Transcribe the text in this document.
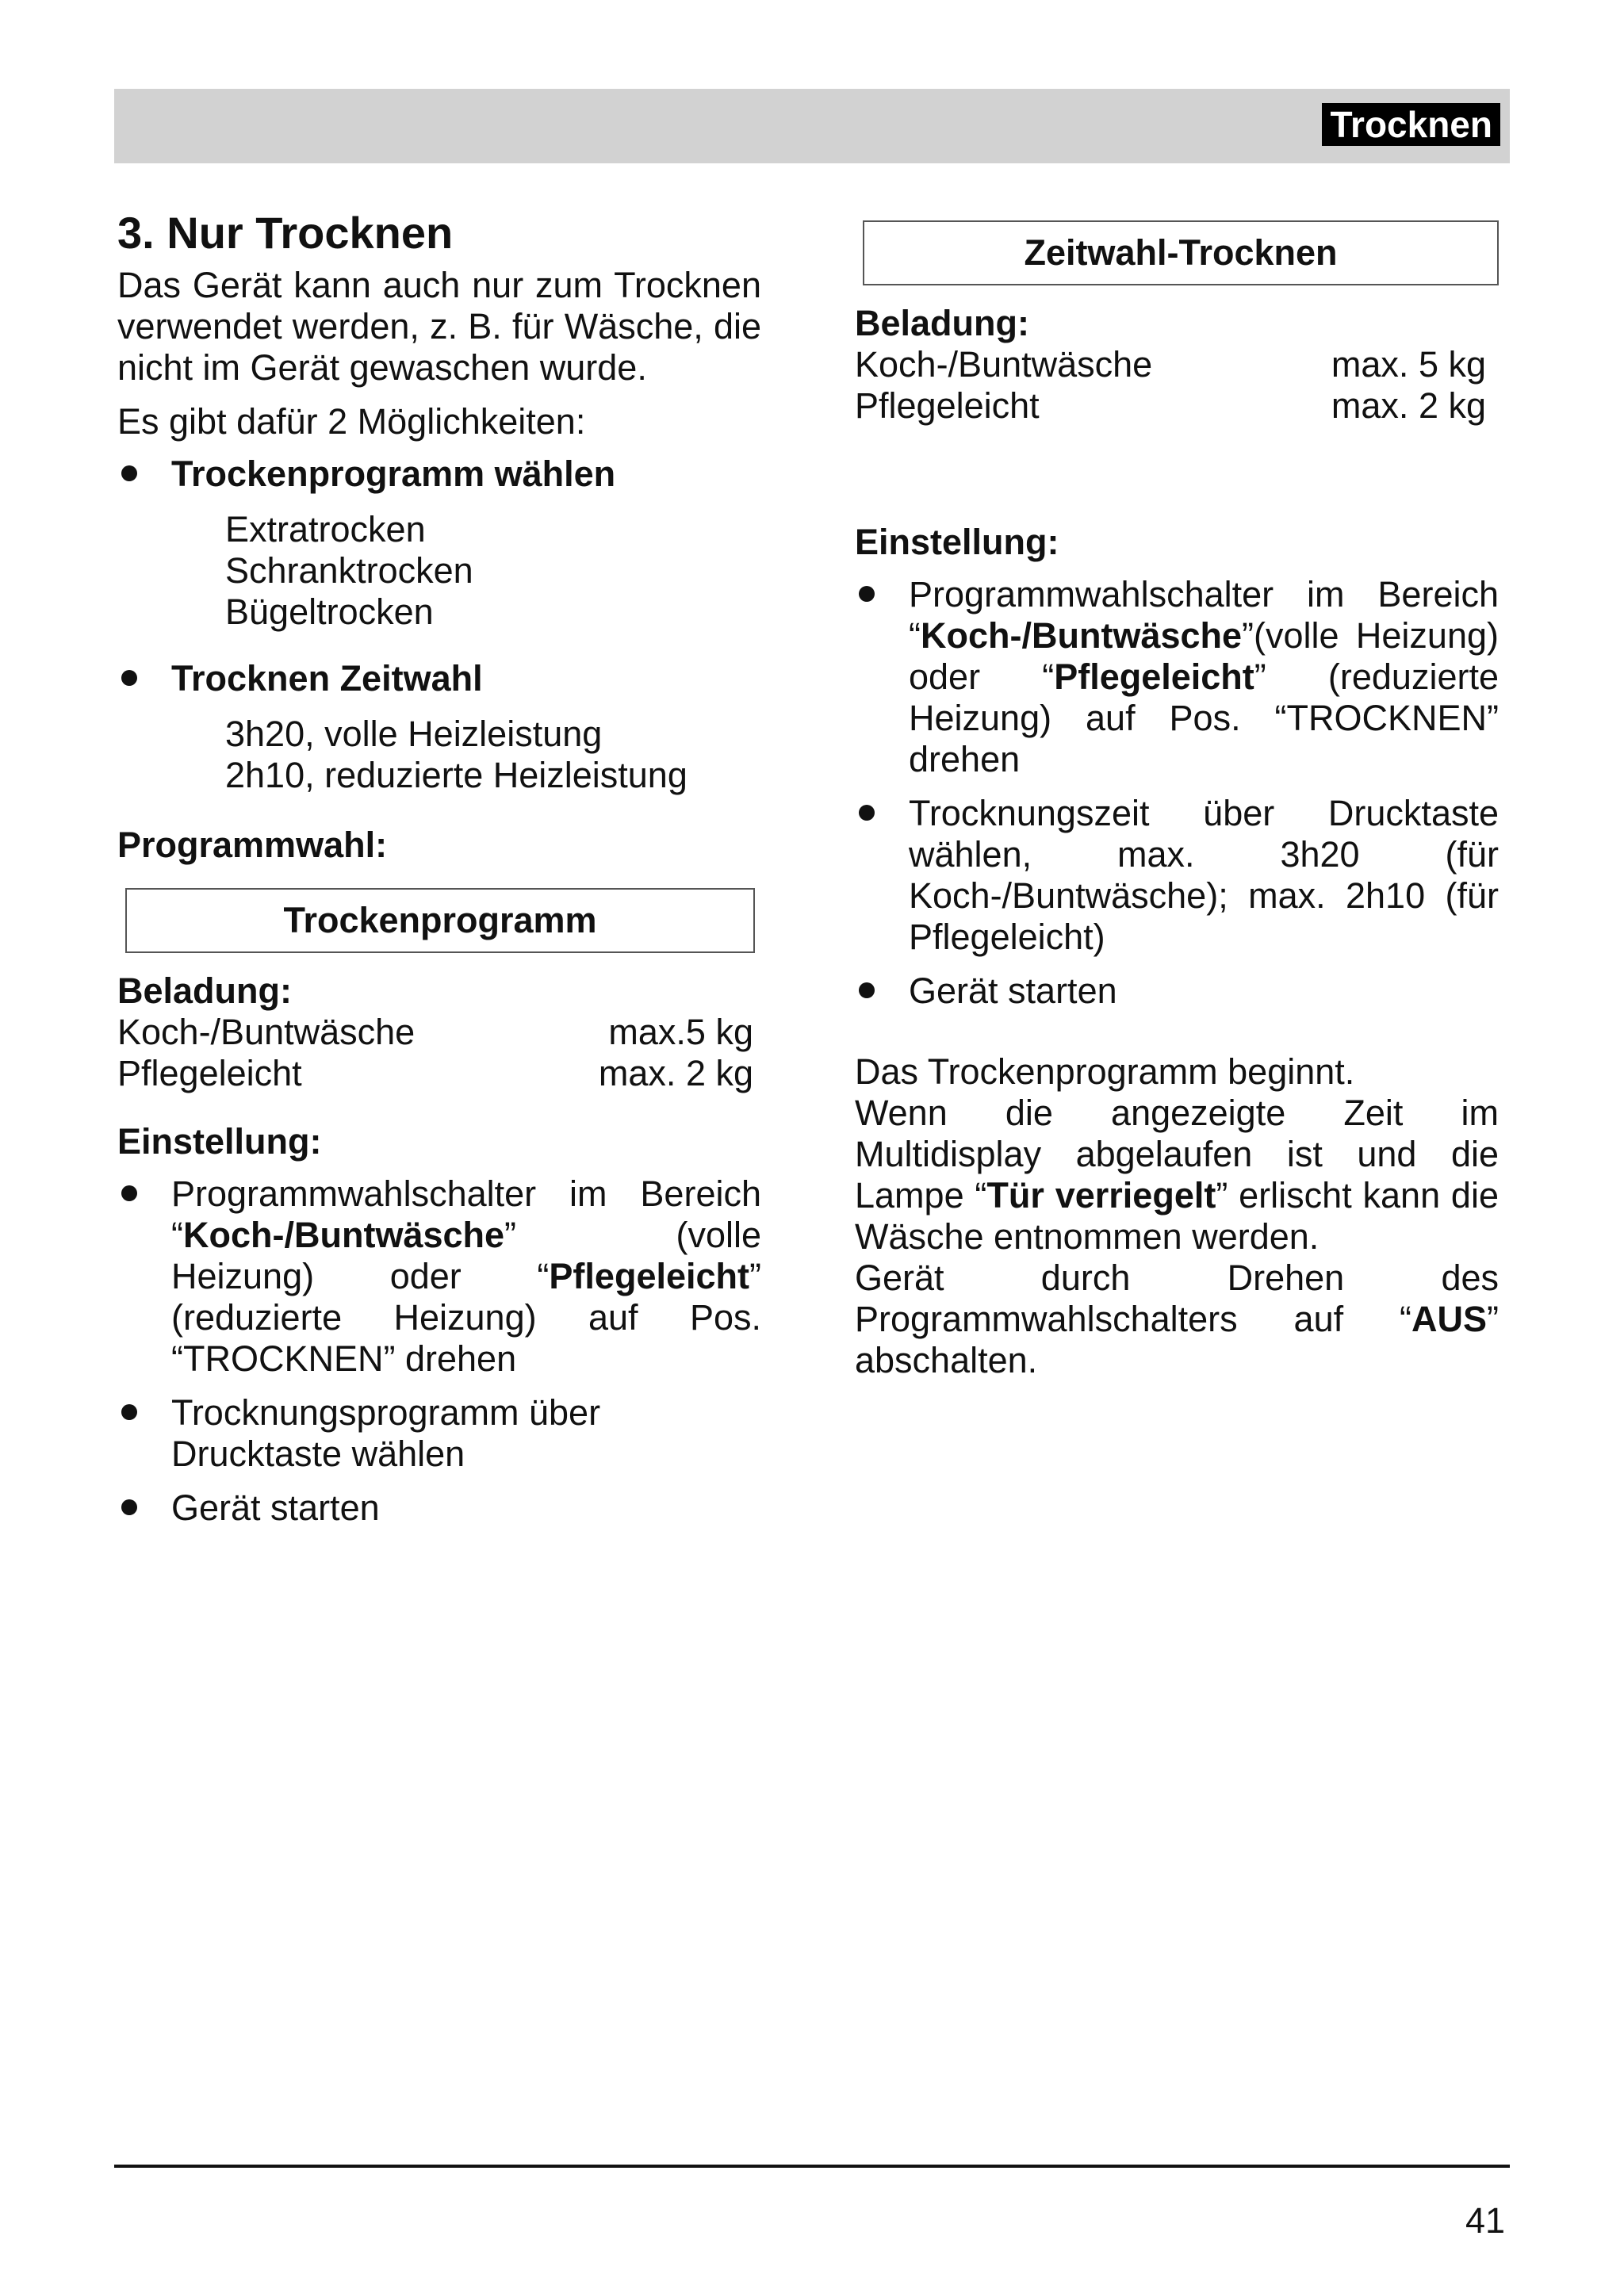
Trocknen
3. Nur Trocknen

Das Gerät kann auch nur zum Trocknen verwendet werden, z. B. für Wäsche, die nicht im Gerät gewaschen wurde.

Es gibt dafür 2 Möglichkeiten:

Trockenprogramm wählen
Extratrocken
Schranktrocken
Bügeltrocken
Trocknen Zeitwahl
3h20, volle Heizleistung
2h10, reduzierte Heizleistung

Programmwahl:

Trockenprogramm

Beladung:

Koch-/Buntwäsche	max.5 kg
Pflegeleicht	max. 2 kg

Einstellung:

Programmwahlschalter im Bereich “Koch-/Buntwäsche” (volle Heizung) oder “Pflegeleicht” (reduzierte Heizung) auf Pos. “TROCKNEN” drehen
Trocknungsprogramm über Drucktaste wählen
Gerät starten
Zeitwahl-Trocknen

Beladung:

Koch-/Buntwäsche	max. 5 kg
Pflegeleicht	max. 2 kg

Einstellung:

Programmwahlschalter im Bereich “Koch-/Buntwäsche”(volle Heizung) oder “Pflegeleicht” (reduzierte Heizung) auf Pos. “TROCKNEN” drehen
Trocknungszeit über Drucktaste wählen, max. 3h20 (für Koch-/Buntwäsche); max. 2h10 (für Pflegeleicht)
Gerät starten

Das Trockenprogramm beginnt.

Wenn die angezeigte Zeit im Multidisplay abgelaufen ist und die Lampe “Tür verriegelt” erlischt kann die Wäsche entnommen werden.

Gerät durch Drehen des Programmwahlschalters auf “AUS” abschalten.

41
